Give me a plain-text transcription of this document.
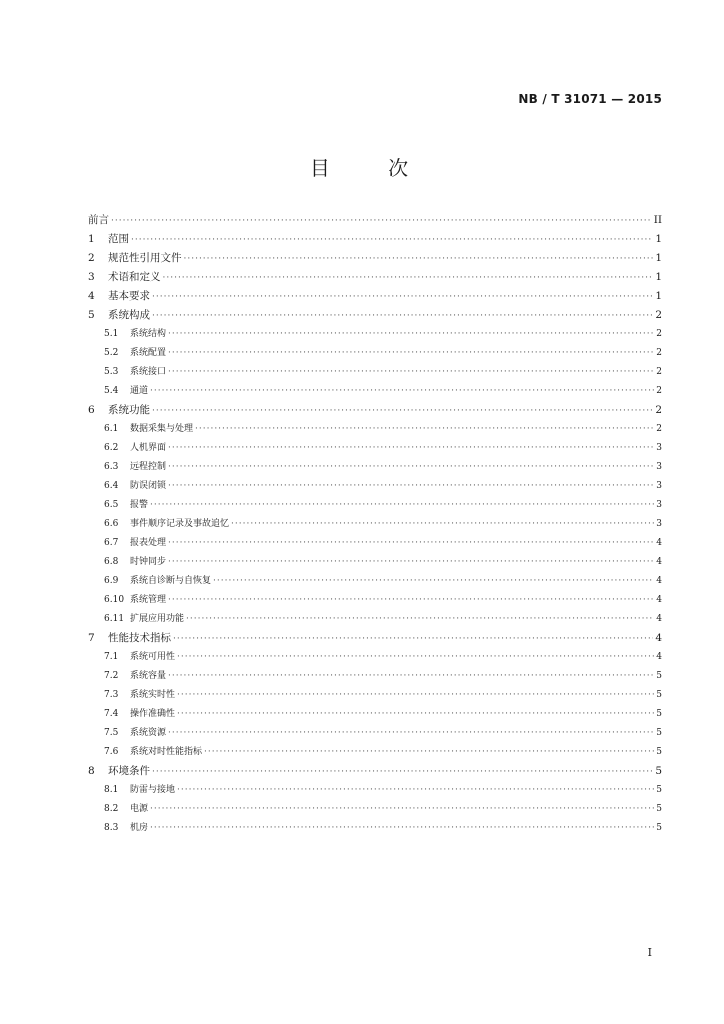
NB / T 31071 — 2015
目 次
前言 ·····	II
1	范围 ·····	1
2	规范性引用文件 ·····	1
3	术语和定义 ·····	1
4	基本要求 ·····	1
5	系统构成 ·····	2
5.1	系统结构 ·····	2
5.2	系统配置 ·····	2
5.3	系统接口 ·····	2
5.4	通道 ·····	2
6	系统功能 ·····	2
6.1	数据采集与处理 ·····	2
6.2	人机界面 ·····	3
6.3	远程控制 ·····	3
6.4	防误闭锁 ·····	3
6.5	报警 ·····	3
6.6	事件顺序记录及事故追忆 ·····	3
6.7	报表处理 ·····	4
6.8	时钟同步 ·····	4
6.9	系统自诊断与自恢复 ·····	4
6.10 系统管理 ·····	4
6.11 扩展应用功能 ·····	4
7	性能技术指标 ·····	4
7.1	系统可用性 ·····	4
7.2	系统容量 ·····	5
7.3	系统实时性 ·····	5
7.4	操作准确性 ·····	5
7.5	系统资源 ·····	5
7.6	系统对时性能指标 ·····	5
8	环境条件 ·····	5
8.1	防雷与接地 ·····	5
8.2	电源 ·····	5
8.3	机房 ·····	5
I
